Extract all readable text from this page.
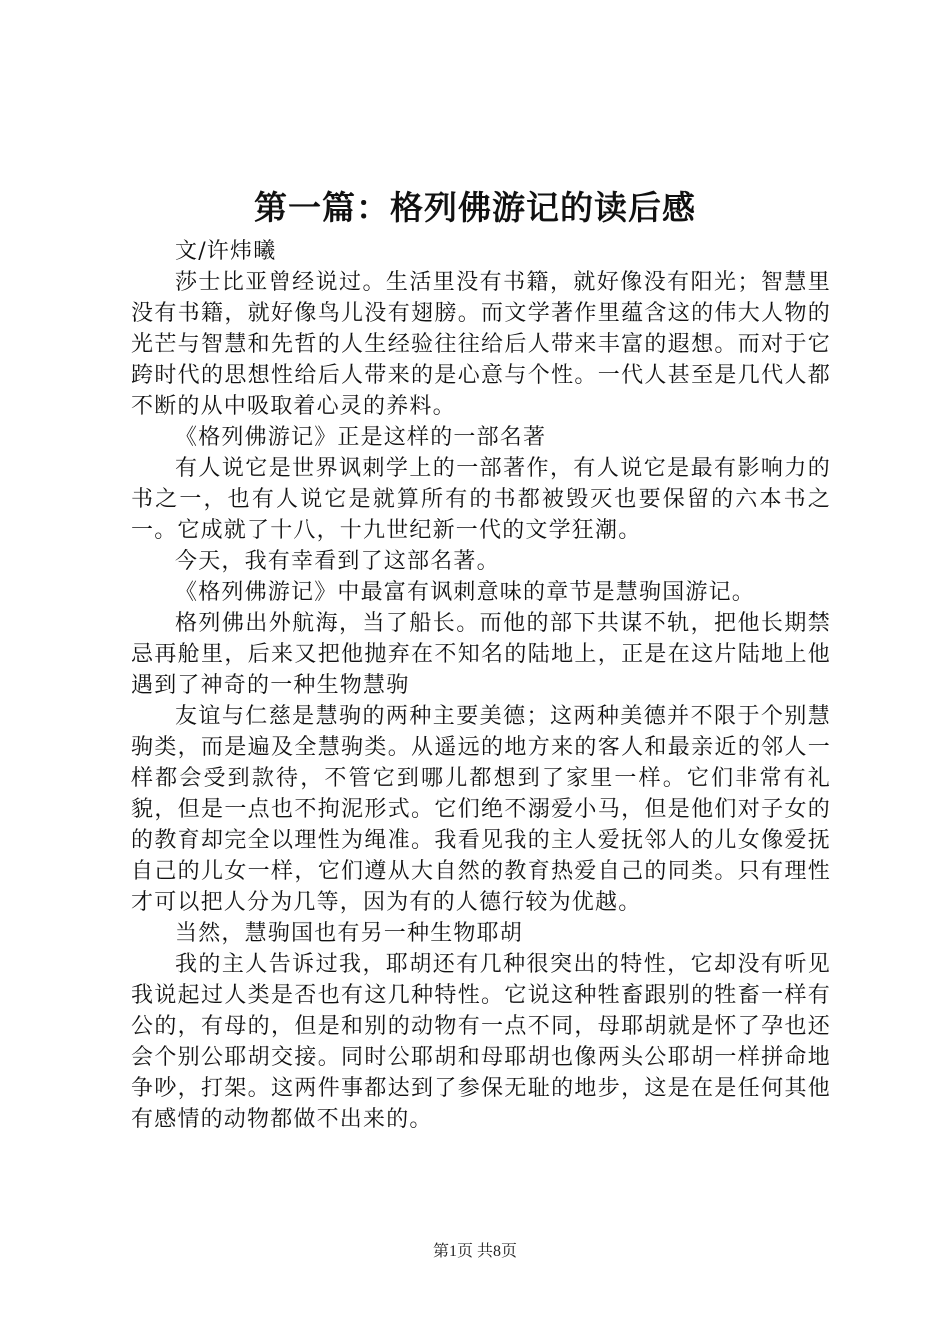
第一篇：格列佛游记的读后感

文/许炜曦

莎士比亚曾经说过。生活里没有书籍，就好像没有阳光；智慧里没有书籍，就好像鸟儿没有翅膀。而文学著作里蕴含这的伟大人物的光芒与智慧和先哲的人生经验往往给后人带来丰富的遐想。而对于它跨时代的思想性给后人带来的是心意与个性。一代人甚至是几代人都不断的从中吸取着心灵的养料。

《格列佛游记》正是这样的一部名著

有人说它是世界讽刺学上的一部著作，有人说它是最有影响力的书之一，也有人说它是就算所有的书都被毁灭也要保留的六本书之一。它成就了十八，十九世纪新一代的文学狂潮。

今天，我有幸看到了这部名著。

《格列佛游记》中最富有讽刺意味的章节是慧驹国游记。

格列佛出外航海，当了船长。而他的部下共谋不轨，把他长期禁忌再舱里，后来又把他抛弃在不知名的陆地上，正是在这片陆地上他遇到了神奇的一种生物慧驹

友谊与仁慈是慧驹的两种主要美德；这两种美德并不限于个别慧驹类，而是遍及全慧驹类。从遥远的地方来的客人和最亲近的邻人一样都会受到款待，不管它到哪儿都想到了家里一样。它们非常有礼貌，但是一点也不拘泥形式。它们绝不溺爱小马，但是他们对子女的的教育却完全以理性为绳准。我看见我的主人爱抚邻人的儿女像爱抚自己的儿女一样，它们遵从大自然的教育热爱自己的同类。只有理性才可以把人分为几等，因为有的人德行较为优越。

当然，慧驹国也有另一种生物耶胡

我的主人告诉过我，耶胡还有几种很突出的特性，它却没有听见我说起过人类是否也有这几种特性。它说这种牲畜跟别的牲畜一样有公的，有母的，但是和别的动物有一点不同，母耶胡就是怀了孕也还会个别公耶胡交接。同时公耶胡和母耶胡也像两头公耶胡一样拼命地争吵，打架。这两件事都达到了参保无耻的地步，这是在是任何其他有感情的动物都做不出来的。

第1页 共8页
